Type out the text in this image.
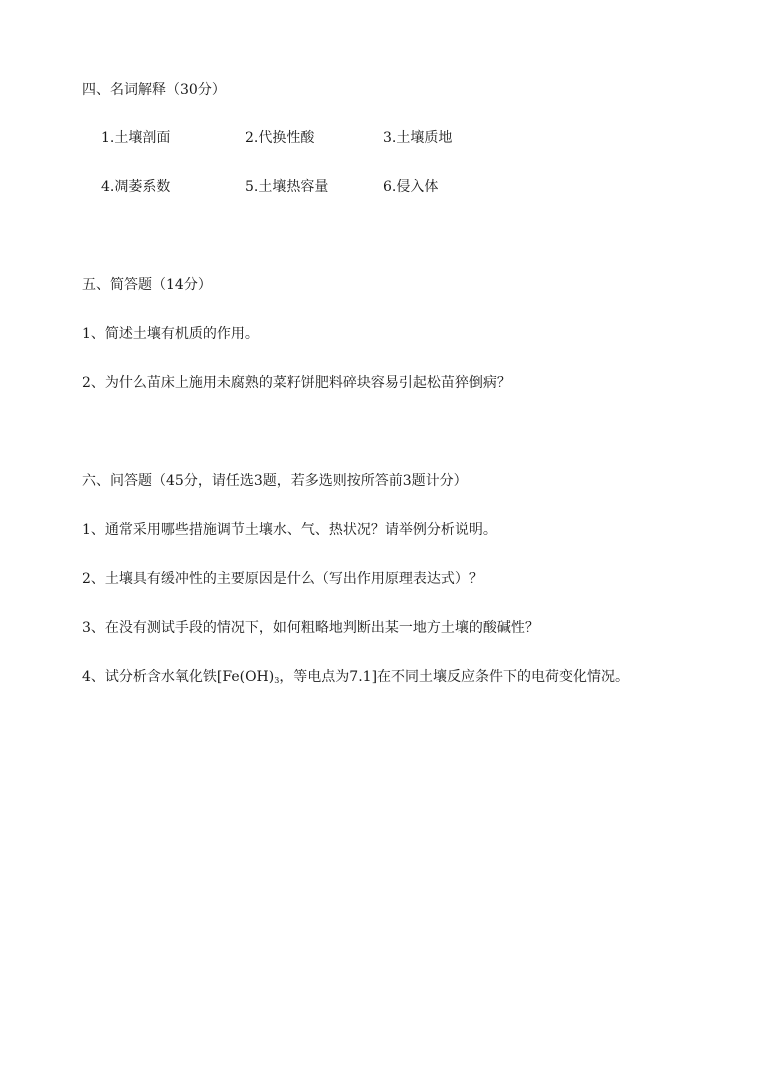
四、名词解释（30分）
1.土壤剖面	2.代换性酸	3.土壤质地
4.凋萎系数	5.土壤热容量	6.侵入体
五、简答题（14分）
1、简述土壤有机质的作用。
2、为什么苗床上施用未腐熟的菜籽饼肥料碎块容易引起松苗猝倒病？
六、问答题（45分，请任选3题，若多选则按所答前3题计分）
1、通常采用哪些措施调节土壤水、气、热状况？请举例分析说明。
2、土壤具有缓冲性的主要原因是什么（写出作用原理表达式）？
3、在没有测试手段的情况下，如何粗略地判断出某一地方土壤的酸碱性？
4、试分析含水氧化铁[$Fe(OH)_3$，等电点为7.1]在不同土壤反应条件下的电荷变化情况。
